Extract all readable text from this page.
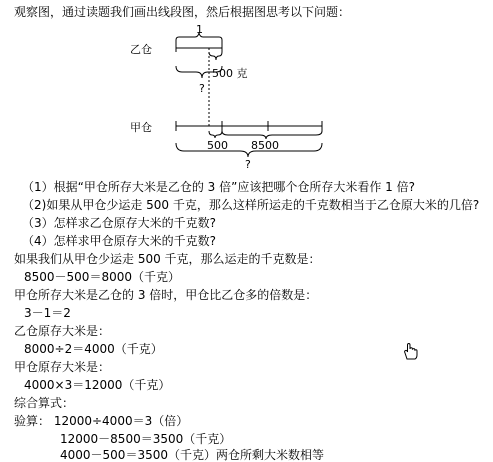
观察图，通过读题我们画出线段图，然后根据图思考以下问题：
1
乙仓
500 克
?
甲仓
500 8500
?
（1）根据“甲仓所存大米是乙仓的 3 倍”应该把哪个仓所存大米看作 1 倍?
（2)如果从甲仓少运走 500 千克，那么这样所运走的千克数相当于乙仓原大米的几倍?
（3）怎样求乙仓原存大米的千克数?
（4）怎样求甲仓原存大米的千克数?
如果我们从甲仓少运走 500 千克，那么运走的千克数是：
8500－500＝8000（千克）
甲仓所存大米是乙仓的 3 倍时，甲仓比乙仓多的倍数是：
3－1＝2
乙仓原存大米是：
8000÷2＝4000（千克）
甲仓原存大米是：
4000×3＝12000（千克）
综合算式：
验算： 12000÷4000＝3（倍）
12000－8500＝3500（千克）
4000－500＝3500（千克）两仓所剩大米数相等
